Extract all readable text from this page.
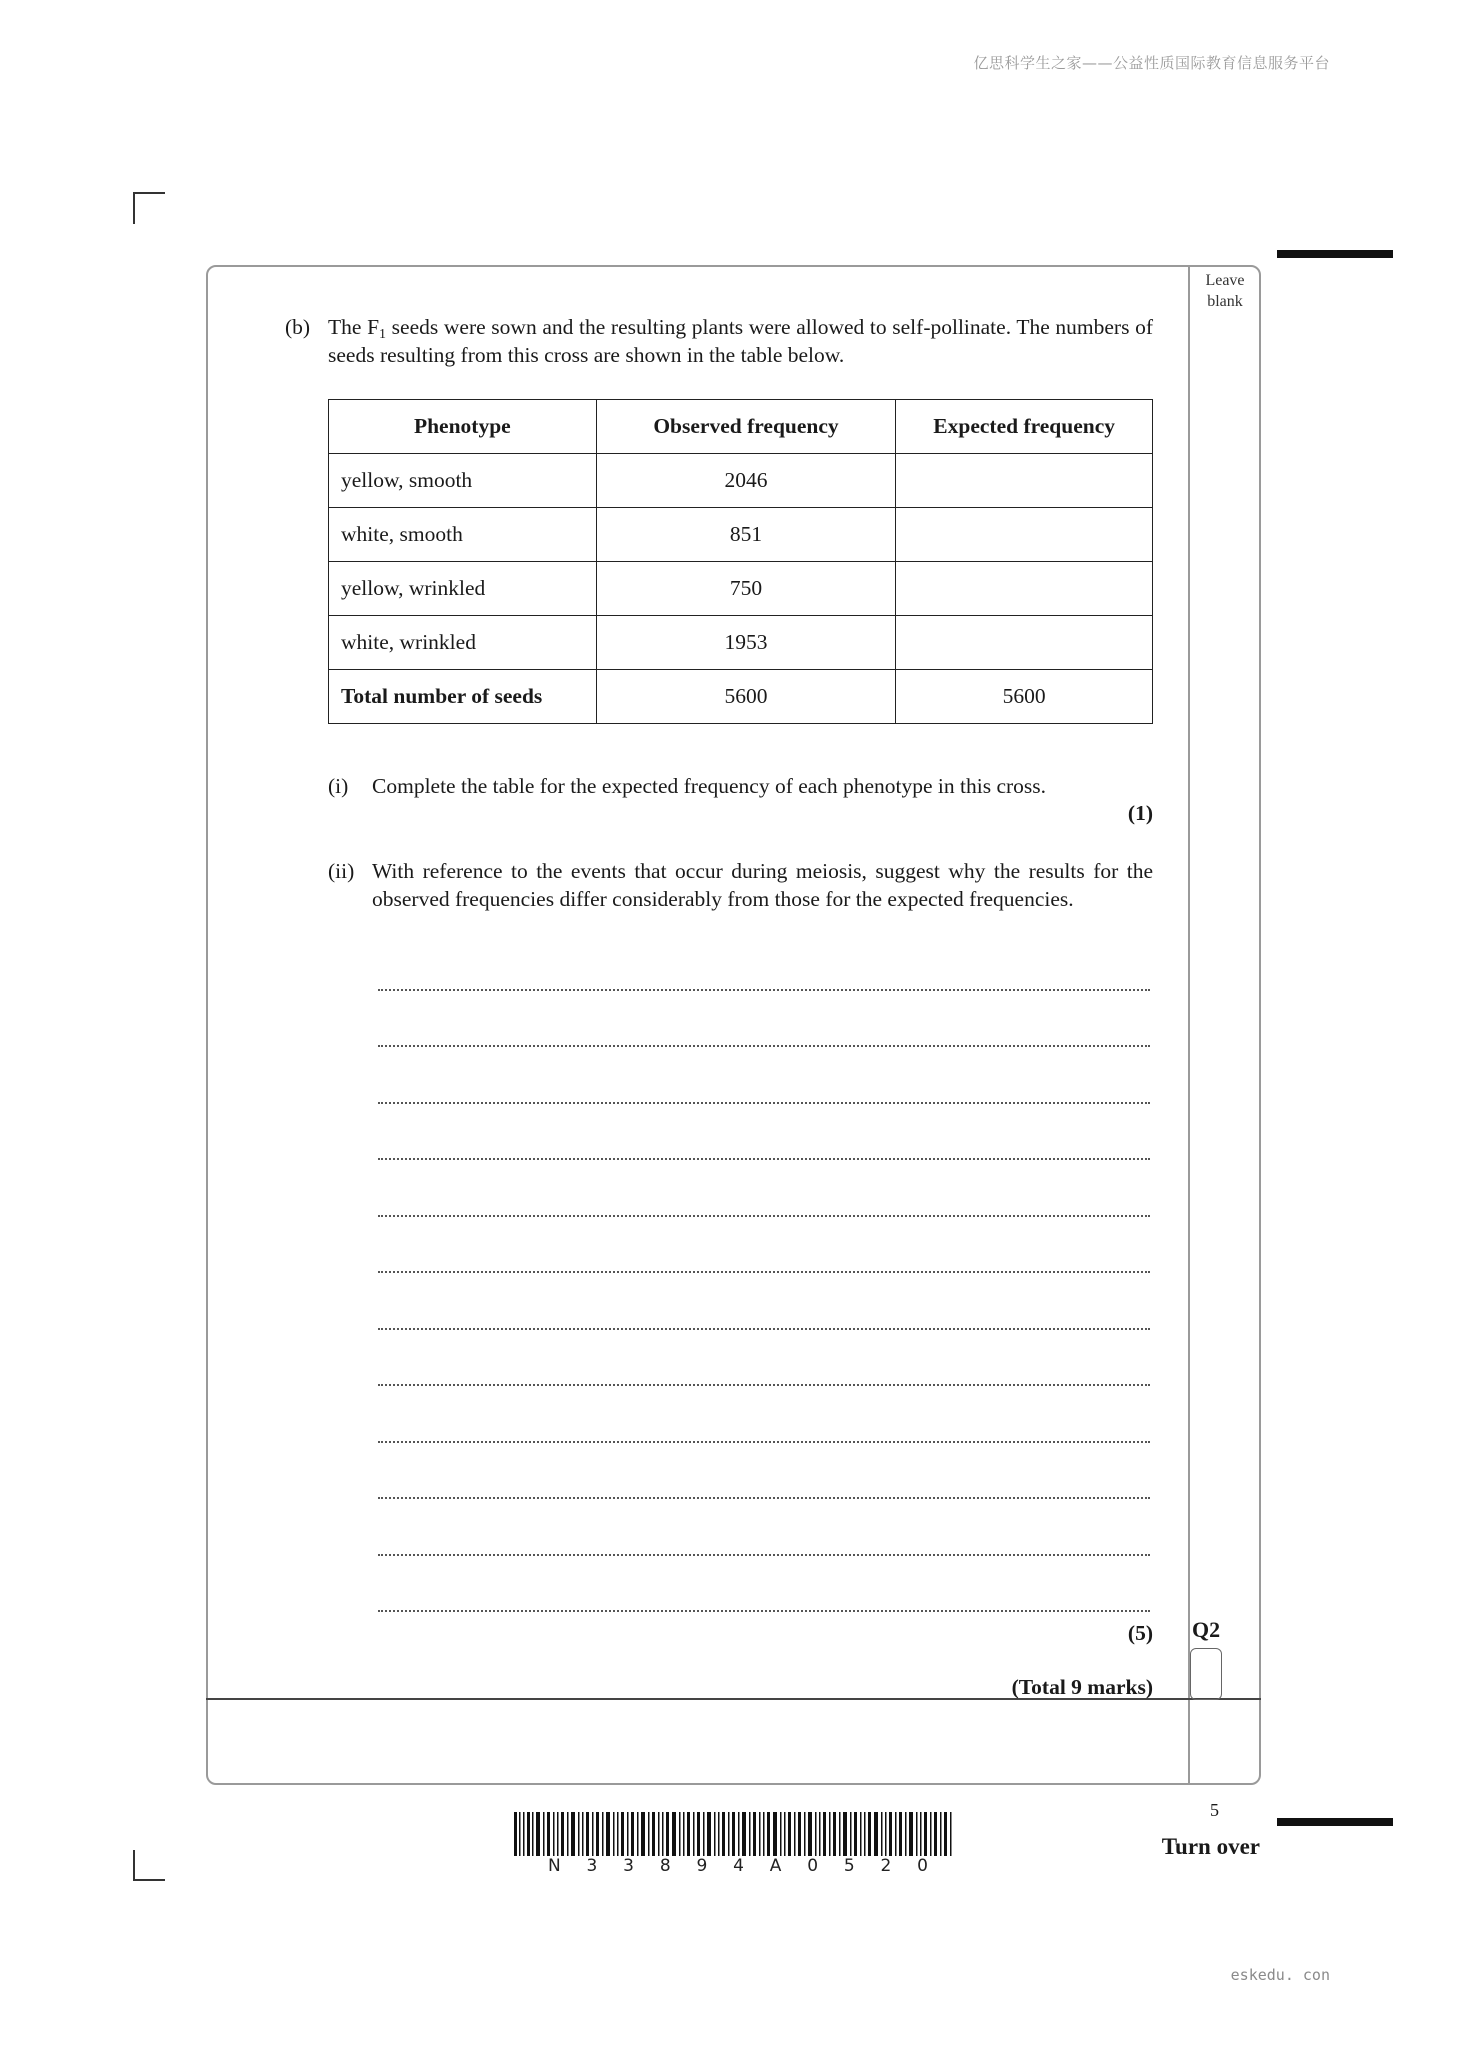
亿思科学生之家——公益性质国际教育信息服务平台
eskedu. con
Leave
blank
(b) The $F_1$ seeds were sown and the resulting plants were allowed to self-pollinate. The numbers of seeds resulting from this cross are shown in the table below.
Phenotype	Observed frequency	Expected frequency
yellow, smooth	2046	
white, smooth	851	
yellow, wrinkled	750	
white, wrinkled	1953	
Total number of seeds	5600	5600
(i) Complete the table for the expected frequency of each phenotype in this cross.
(1)
(ii) With reference to the events that occur during meiosis, suggest why the results for the observed frequencies differ considerably from those for the expected frequencies.
(5)
(Total 9 marks)
Q2
5
Turn over
N 3 3 8 9 4 A 0 5 2 0
